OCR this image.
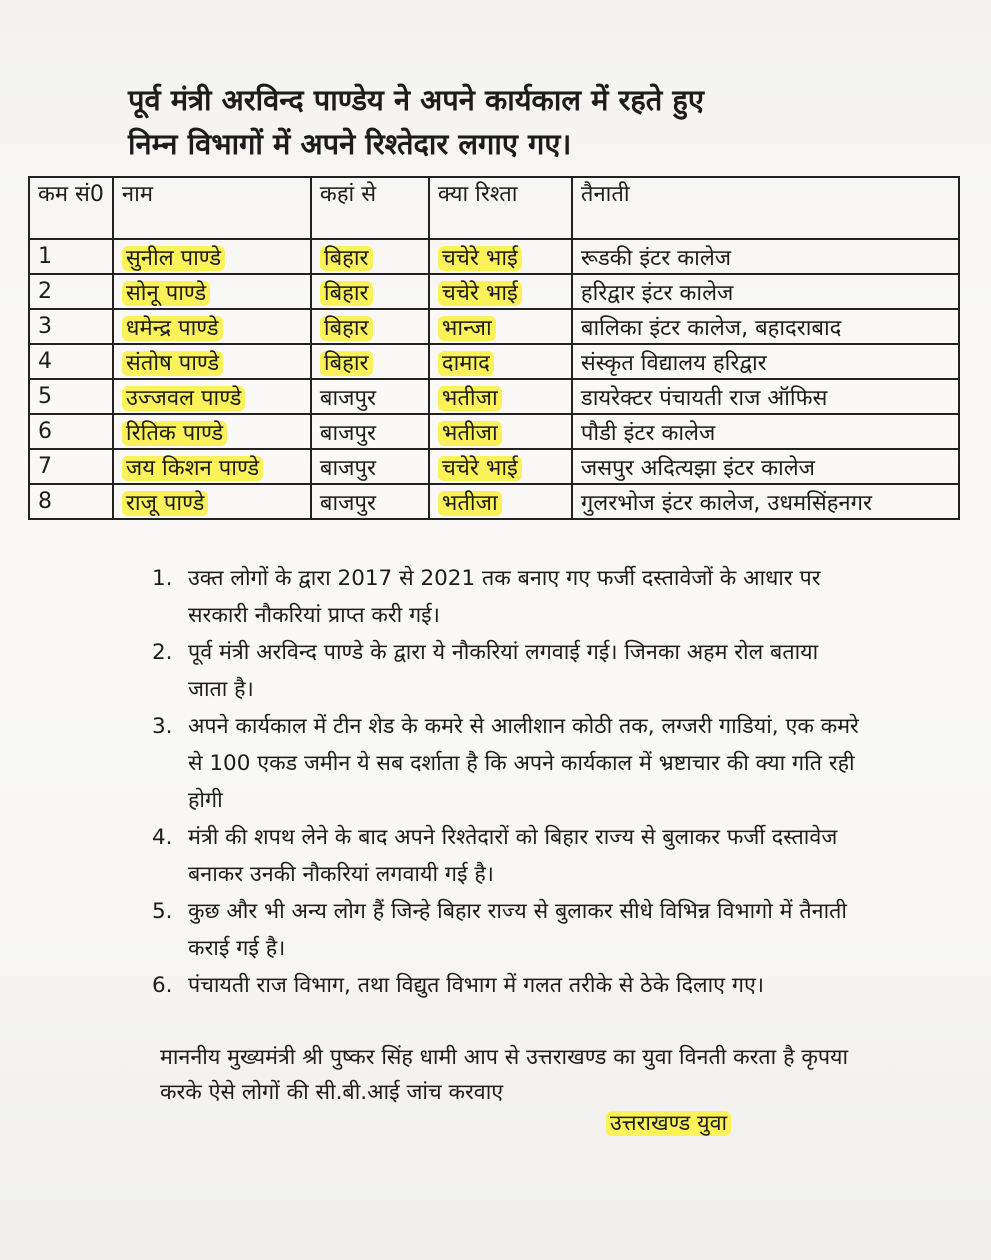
पूर्व मंत्री अरविन्द पाण्डेय ने अपने कार्यकाल में रहते हुए
निम्न विभागों में अपने रिश्तेदार लगाए गए।
कम सं0	नाम	कहां से	क्या रिश्ता	तैनाती
1	सुनील पाण्डे	बिहार	चचेरे भाई	रूडकी इंटर कालेज
2	सोनू पाण्डे	बिहार	चचेरे भाई	हरिद्वार इंटर कालेज
3	धमेन्द्र पाण्डे	बिहार	भान्जा	बालिका इंटर कालेज, बहादराबाद
4	संतोष पाण्डे	बिहार	दामाद	संस्कृत विद्यालय हरिद्वार
5	उज्जवल पाण्डे	बाजपुर	भतीजा	डायरेक्टर पंचायती राज ऑफिस
6	रितिक पाण्डे	बाजपुर	भतीजा	पौडी इंटर कालेज
7	जय किशन पाण्डे	बाजपुर	चचेरे भाई	जसपुर अदित्यझा इंटर कालेज
8	राजू पाण्डे	बाजपुर	भतीजा	गुलरभोज इंटर कालेज, उधमसिंहनगर
1. उक्त लोगों के द्वारा 2017 से 2021 तक बनाए गए फर्जी दस्तावेजों के आधार पर सरकारी नौकरियां प्राप्त करी गई।
2. पूर्व मंत्री अरविन्द पाण्डे के द्वारा ये नौकरियां लगवाई गई। जिनका अहम रोल बताया जाता है।
3. अपने कार्यकाल में टीन शेड के कमरे से आलीशान कोठी तक, लग्जरी गाडियां, एक कमरे से 100 एकड जमीन ये सब दर्शाता है कि अपने कार्यकाल में भ्रष्टाचार की क्या गति रही होगी
4. मंत्री की शपथ लेने के बाद अपने रिश्तेदारों को बिहार राज्य से बुलाकर फर्जी दस्तावेज बनाकर उनकी नौकरियां लगवायी गई है।
5. कुछ और भी अन्य लोग हैं जिन्हे बिहार राज्य से बुलाकर सीधे विभिन्न विभागो में तैनाती कराई गई है।
6. पंचायती राज विभाग, तथा विद्युत विभाग में गलत तरीके से ठेके दिलाए गए।
माननीय मुख्यमंत्री श्री पुष्कर सिंह धामी आप से उत्तराखण्ड का युवा विनती करता है कृपया करके ऐसे लोगों की सी.बी.आई जांच करवाए
उत्तराखण्ड युवा
